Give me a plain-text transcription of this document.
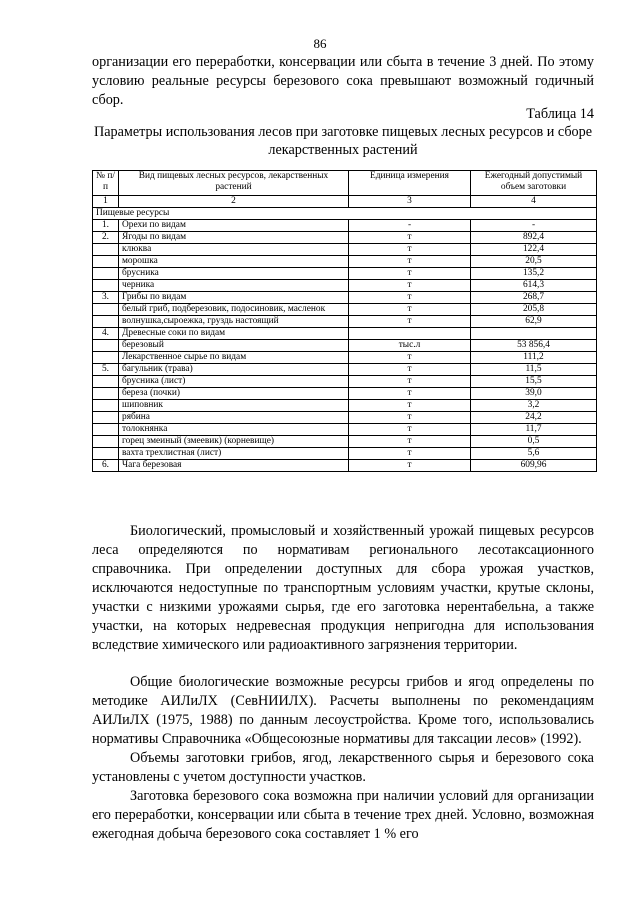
86

организации его переработки, консервации или сбыта в течение 3 дней. По этому условию реальные ресурсы березового сока превышают возможный годичный сбор.

Таблица 14
Параметры использования лесов при заготовке пищевых лесных ресурсов и сборе лекарственных растений
№ п/п	Вид пищевых лесных ресурсов, лекарственных растений	Единица измерения	Ежегодный допустимый объем заготовки
1	2	3	4
Пищевые ресурсы			
1.	Орехи по видам	-	-
2.	Ягоды по видам	т	892,4
	клюква	т	122,4
	морошка	т	20,5
	брусника	т	135,2
	черника	т	614,3
3.	Грибы по видам	т	268,7
	белый гриб, подберезовик, подосиновик, масленок	т	205,8
	волнушка,сыроежка, груздь настоящий	т	62,9
4.	Древесные соки по видам		
	березовый	тыс.л	53 856,4
	Лекарственное сырье по видам	т	111,2
5.	багульник (трава)	т	11,5
	брусника (лист)	т	15,5
	береза (почки)	т	39,0
	шиповник	т	3,2
	рябина	т	24,2
	толокнянка	т	11,7
	горец змеиный (змеевик) (корневище)	т	0,5
	вахта трехлистная (лист)	т	5,6
6.	Чага березовая	т	609,96

Биологический, промысловый и хозяйственный урожай пищевых ресурсов леса определяются по нормативам регионального лесотаксационного справочника. При определении доступных для сбора урожая участков, исключаются недоступные по транспортным условиям участки, крутые склоны, участки с низкими урожаями сырья, где его заготовка нерентабельна, а также участки, на которых недревесная продукция непригодна для использования вследствие химического или радиоактивного загрязнения территории.

Общие биологические возможные ресурсы грибов и ягод определены по методике АИЛиЛХ (СевНИИЛХ). Расчеты выполнены по рекомендациям АИЛиЛХ (1975, 1988) по данным лесоустройства. Кроме того, использовались нормативы Справочника «Общесоюзные нормативы для таксации лесов» (1992).

Объемы заготовки грибов, ягод, лекарственного сырья и березового сока установлены с учетом доступности участков.

Заготовка березового сока возможна при наличии условий для организации его переработки, консервации или сбыта в течение трех дней. Условно, возможная ежегодная добыча березового сока составляет 1 % его
